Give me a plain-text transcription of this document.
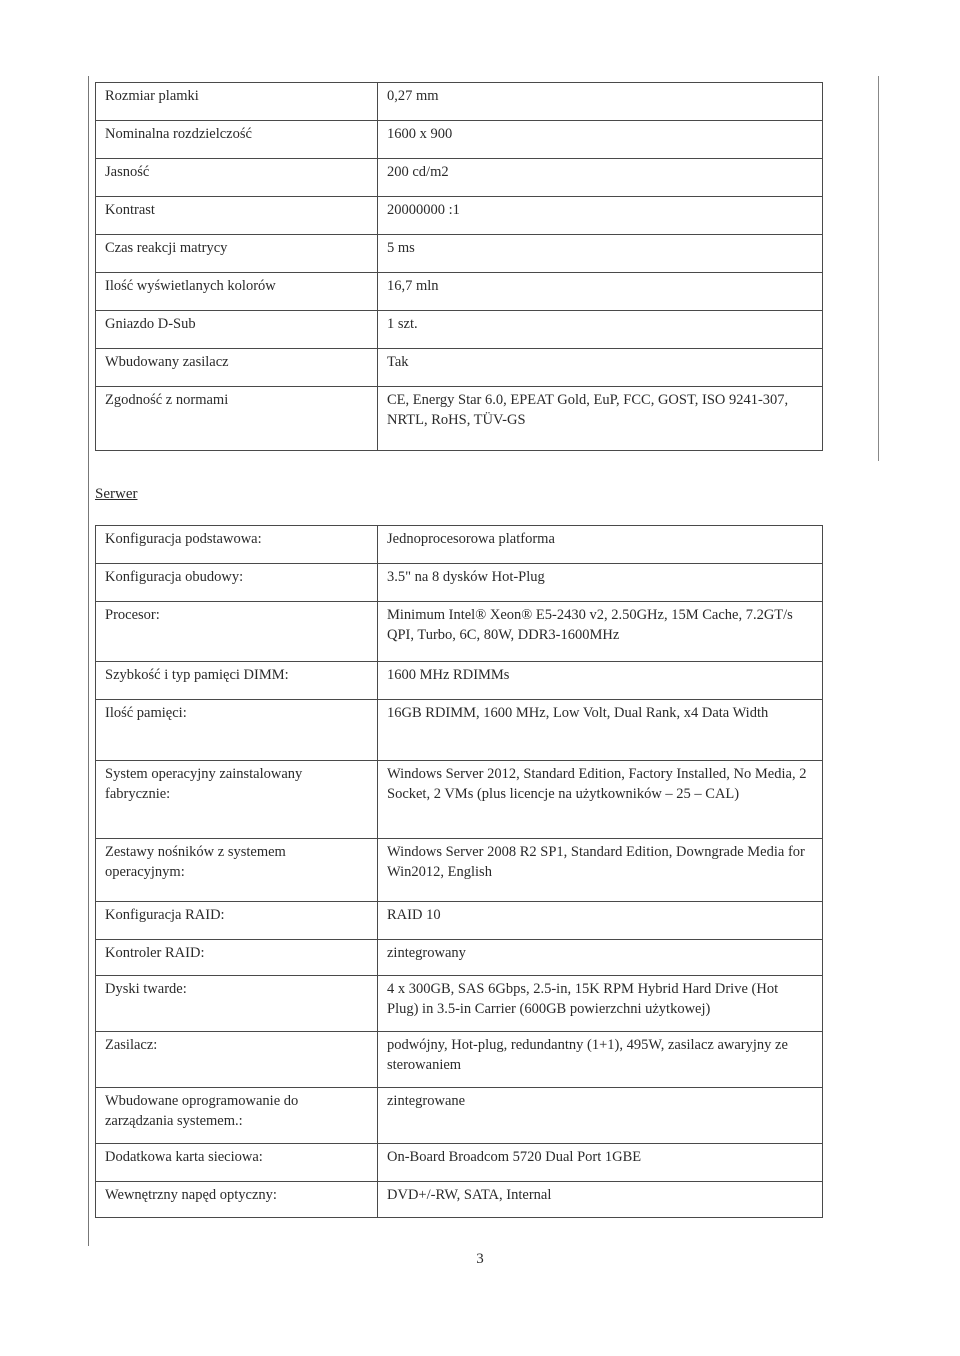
Rozmiar plamki	0,27 mm
Nominalna rozdzielczość	1600 x 900
Jasność	200 cd/m2
Kontrast	20000000 :1
Czas reakcji matrycy	5 ms
Ilość wyświetlanych kolorów	16,7 mln
Gniazdo D-Sub	1 szt.
Wbudowany zasilacz	Tak
Zgodność z normami	CE, Energy Star 6.0, EPEAT Gold, EuP, FCC, GOST, ISO 9241-307, NRTL, RoHS, TÜV-GS
Serwer
Konfiguracja podstawowa:	Jednoprocesorowa platforma
Konfiguracja obudowy:	3.5" na 8 dysków Hot-Plug
Procesor:	Minimum Intel® Xeon® E5-2430 v2, 2.50GHz, 15M Cache, 7.2GT/s QPI, Turbo, 6C, 80W, DDR3-1600MHz
Szybkość i typ pamięci DIMM:	1600 MHz RDIMMs
Ilość pamięci:	16GB RDIMM, 1600 MHz, Low Volt, Dual Rank, x4 Data Width
System operacyjny zainstalowany fabrycznie:	Windows Server 2012, Standard Edition, Factory Installed, No Media, 2 Socket, 2 VMs (plus licencje na użytkowników – 25 – CAL)
Zestawy nośników z systemem operacyjnym:	Windows Server 2008 R2 SP1, Standard Edition, Downgrade Media for Win2012, English
Konfiguracja RAID:	RAID 10
Kontroler RAID:	zintegrowany
Dyski twarde:	4 x 300GB, SAS 6Gbps, 2.5-in, 15K RPM Hybrid Hard Drive (Hot Plug) in 3.5-in Carrier (600GB powierzchni użytkowej)
Zasilacz:	podwójny, Hot-plug, redundantny (1+1), 495W, zasilacz awaryjny ze sterowaniem
Wbudowane oprogramowanie do zarządzania systemem.:	zintegrowane
Dodatkowa karta sieciowa:	On-Board Broadcom 5720 Dual Port 1GBE
Wewnętrzny napęd optyczny:	DVD+/-RW, SATA, Internal
3
